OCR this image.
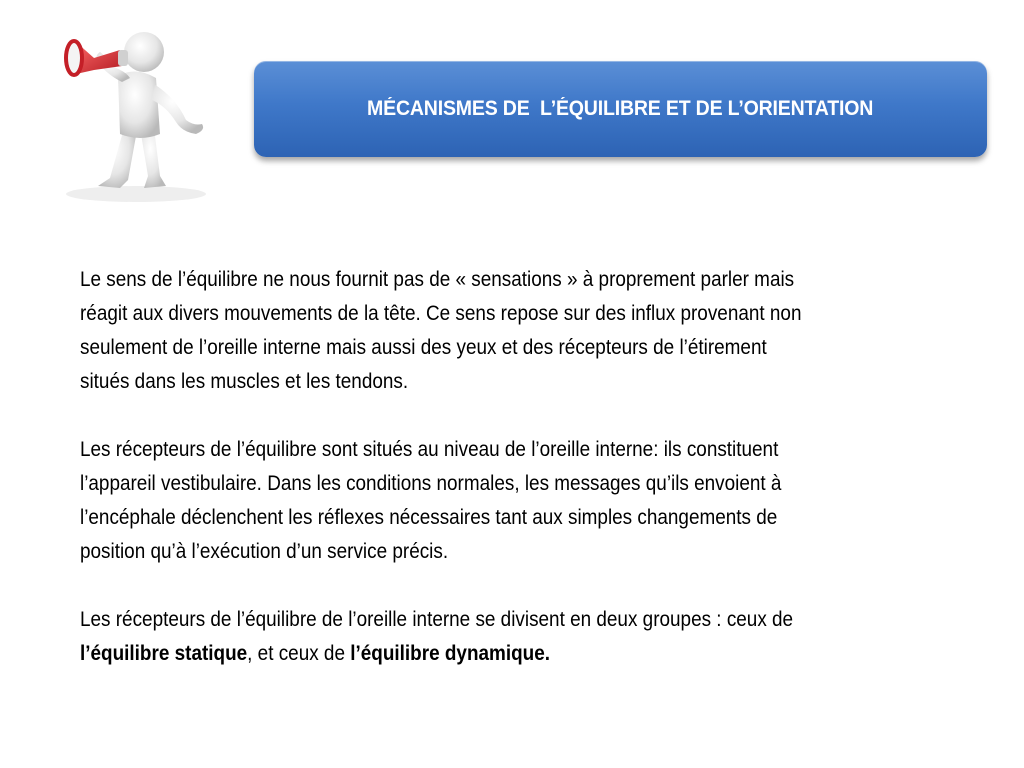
MÉCANISMES DE  L’ÉQUILIBRE ET DE L’ORIENTATION
Le sens de l’équilibre ne nous fournit pas de « sensations » à proprement parler mais
réagit aux divers mouvements de la tête. Ce sens repose sur des influx provenant non
seulement de l’oreille interne mais aussi des yeux et des récepteurs de l’étirement
situés dans les muscles et les tendons.
Les récepteurs de l’équilibre sont situés au niveau de l’oreille interne: ils constituent
l’appareil vestibulaire. Dans les conditions normales, les messages qu’ils envoient à
l’encéphale déclenchent les réflexes nécessaires tant aux simples changements de
position qu’à l’exécution d’un service précis.
Les récepteurs de l’équilibre de l’oreille interne se divisent en deux groupes : ceux de
l’équilibre statique, et ceux de l’équilibre dynamique.
